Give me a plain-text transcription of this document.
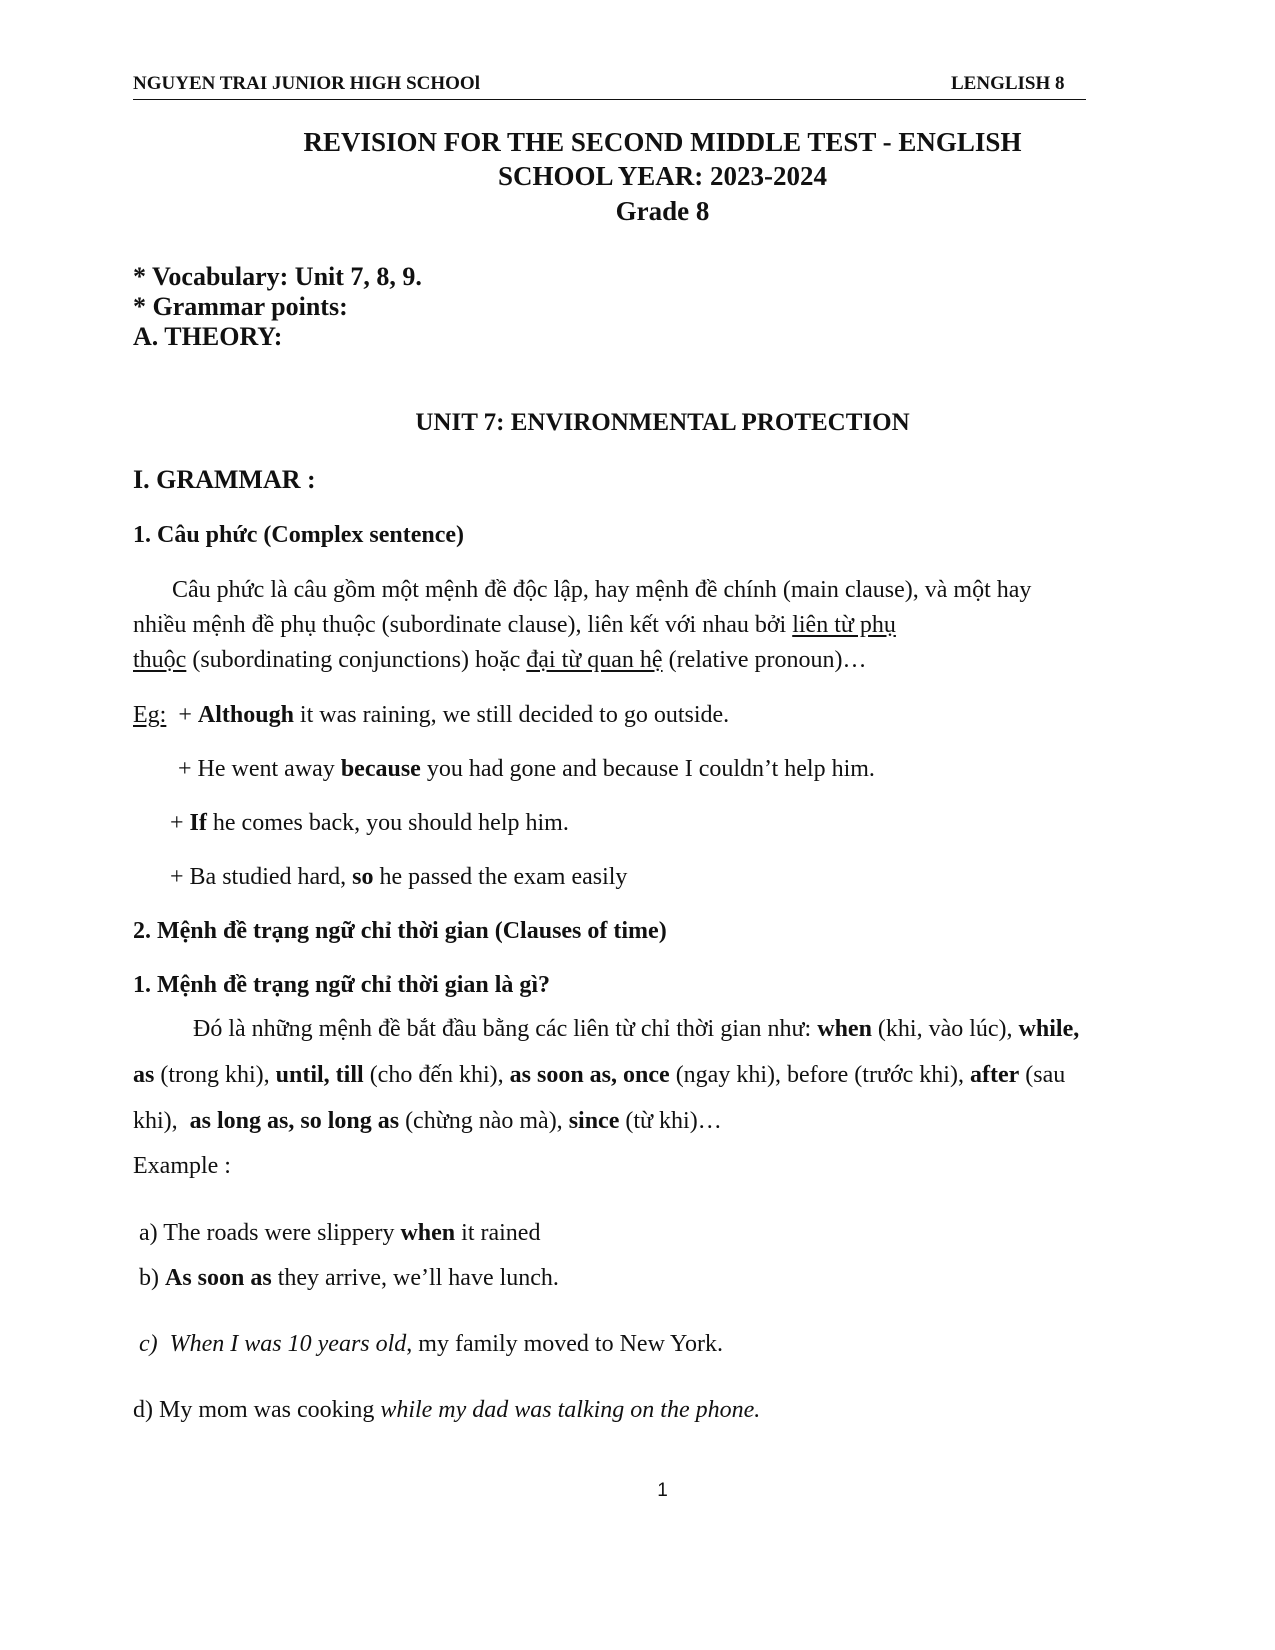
NGUYEN TRAI JUNIOR HIGH SCHOOl	LENGLISH 8
REVISION FOR THE SECOND MIDDLE TEST - ENGLISH
SCHOOL YEAR: 2023-2024
Grade 8
* Vocabulary: Unit 7, 8, 9.
* Grammar points:
A. THEORY:
UNIT 7: ENVIRONMENTAL PROTECTION
I. GRAMMAR :
1. Câu phức (Complex sentence)
Câu phức là câu gồm một mệnh đề độc lập, hay mệnh đề chính (main clause), và một hay
nhiều mệnh đề phụ thuộc (subordinate clause), liên kết với nhau bởi liên từ phụ
thuộc (subordinating conjunctions) hoặc đại từ quan hệ (relative pronoun)…
Eg:  + Although it was raining, we still decided to go outside.
+ He went away because you had gone and because I couldn’t help him.
+ If he comes back, you should help him.
+ Ba studied hard, so he passed the exam easily
2. Mệnh đề trạng ngữ chỉ thời gian (Clauses of time)
1. Mệnh đề trạng ngữ chỉ thời gian là gì?
Đó là những mệnh đề bắt đầu bằng các liên từ chỉ thời gian như: when (khi, vào lúc), while,
as (trong khi), until, till (cho đến khi), as soon as, once (ngay khi), before (trước khi), after (sau
khi),  as long as, so long as (chừng nào mà), since (từ khi)…
Example :
a) The roads were slippery when it rained
b) As soon as they arrive, we’ll have lunch.
c)  When I was 10 years old, my family moved to New York.
d) My mom was cooking while my dad was talking on the phone.
1
